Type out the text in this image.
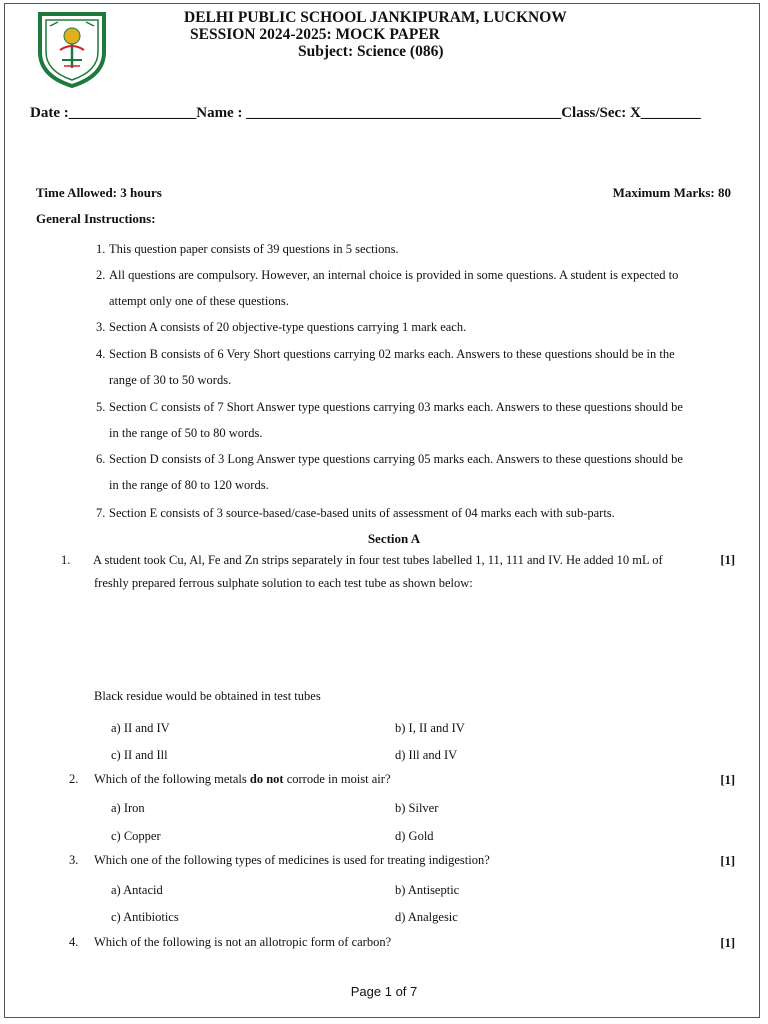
DELHI PUBLIC SCHOOL JANKIPURAM, LUCKNOW
SESSION 2024-2025: MOCK PAPER
Subject: Science (086)
Date :_________________Name : __________________________________________Class/Sec: X________
Time Allowed: 3 hours	Maximum Marks: 80
General Instructions:
1. This question paper consists of 39 questions in 5 sections.
2. All questions are compulsory. However, an internal choice is provided in some questions. A student is expected to
attempt only one of these questions.
3. Section A consists of 20 objective-type questions carrying 1 mark each.
4. Section B consists of 6 Very Short questions carrying 02 marks each. Answers to these questions should be in the
range of 30 to 50 words.
5. Section C consists of 7 Short Answer type questions carrying 03 marks each. Answers to these questions should be
in the range of 50 to 80 words.
6. Section D consists of 3 Long Answer type questions carrying 05 marks each. Answers to these questions should be
in the range of 80 to 120 words.
7. Section E consists of 3 source-based/case-based units of assessment of 04 marks each with sub-parts.
Section A
1. A student took Cu, Al, Fe and Zn strips separately in four test tubes labelled 1, 11, 111 and IV. He added 10 mL of	[1]
freshly prepared ferrous sulphate solution to each test tube as shown below:
Black residue would be obtained in test tubes
a) II and IV	b) I, II and IV
c) II and Ill	d) Ill and IV
2. Which of the following metals do not corrode in moist air?	[1]
a) Iron	b) Silver
c) Copper	d) Gold
3. Which one of the following types of medicines is used for treating indigestion?	[1]
a) Antacid	b) Antiseptic
c) Antibiotics	d) Analgesic
4. Which of the following is not an allotropic form of carbon?	[1]
Page 1 of 7
